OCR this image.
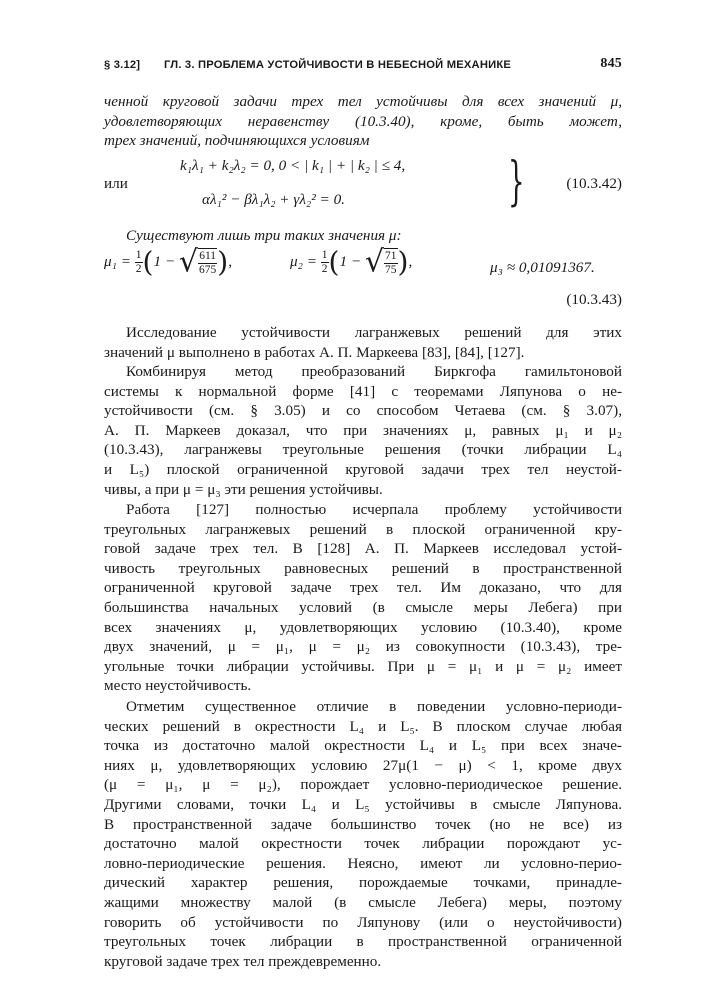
§ 3.12] ГЛ. 3. ПРОБЛЕМА УСТОЙЧИВОСТИ В НЕБЕСНОЙ МЕХАНИКЕ	845
ченной круговой задачи трех тел устойчивы для всех значений μ,
удовлетворяющих неравенству (10.3.40), кроме, быть может,
трех значений, подчиняющихся условиям
или
k₁λ₁ + k₂λ₂ = 0, 0 < | k₁ | + | k₂ | ≤ 4,
αλ₁² − βλ₁λ₂ + γλ₂² = 0.	}	(10.3.42)
Существуют лишь три таких значения μ:
$\mu_1 = \frac{1}{2} (1$ − √ $\frac{611}{675}$ ),	$\mu_2 = \frac{1}{2} (1$ − √ $\frac{71}{75}$ ),	μ₃ ≈ 0,01091367.
(10.3.43)
Исследование устойчивости лагранжевых решений для этих
значений μ выполнено в работах А. П. Маркеева [83], [84], [127].
Комбинируя метод преобразований Биркгофа гамильтоновой
системы к нормальной форме [41] с теоремами Ляпунова о не-
устойчивости (см. § 3.05) и со способом Четаева (см. § 3.07),
А. П. Маркеев доказал, что при значениях μ, равных μ₁ и μ₂
(10.3.43), лагранжевы треугольные решения (точки либрации L₄
и L₅) плоской ограниченной круговой задачи трех тел неустой-
чивы, а при μ = μ₃ эти решения устойчивы.
Работа [127] полностью исчерпала проблему устойчивости
треугольных лагранжевых решений в плоской ограниченной кру-
говой задаче трех тел. В [128] А. П. Маркеев исследовал устой-
чивость треугольных равновесных решений в пространственной
ограниченной круговой задаче трех тел. Им доказано, что для
большинства начальных условий (в смысле меры Лебега) при
всех значениях μ, удовлетворяющих условию (10.3.40), кроме
двух значений, μ = μ₁, μ = μ₂ из совокупности (10.3.43), тре-
угольные точки либрации устойчивы. При μ = μ₁ и μ = μ₂ имеет
место неустойчивость.
Отметим существенное отличие в поведении условно-периоди-
ческих решений в окрестности L₄ и L₅. В плоском случае любая
точка из достаточно малой окрестности L₄ и L₅ при всех значе-
ниях μ, удовлетворяющих условию 27μ(1 − μ) < 1, кроме двух
(μ = μ₁, μ = μ₂), порождает условно-периодическое решение.
Другими словами, точки L₄ и L₅ устойчивы в смысле Ляпунова.
В пространственной задаче большинство точек (но не все) из
достаточно малой окрестности точек либрации порождают ус-
ловно-периодические решения. Неясно, имеют ли условно-перио-
дический характер решения, порождаемые точками, принадле-
жащими множеству малой (в смысле Лебега) меры, поэтому
говорить об устойчивости по Ляпунову (или о неустойчивости)
треугольных точек либрации в пространственной ограниченной
круговой задаче трех тел преждевременно.
